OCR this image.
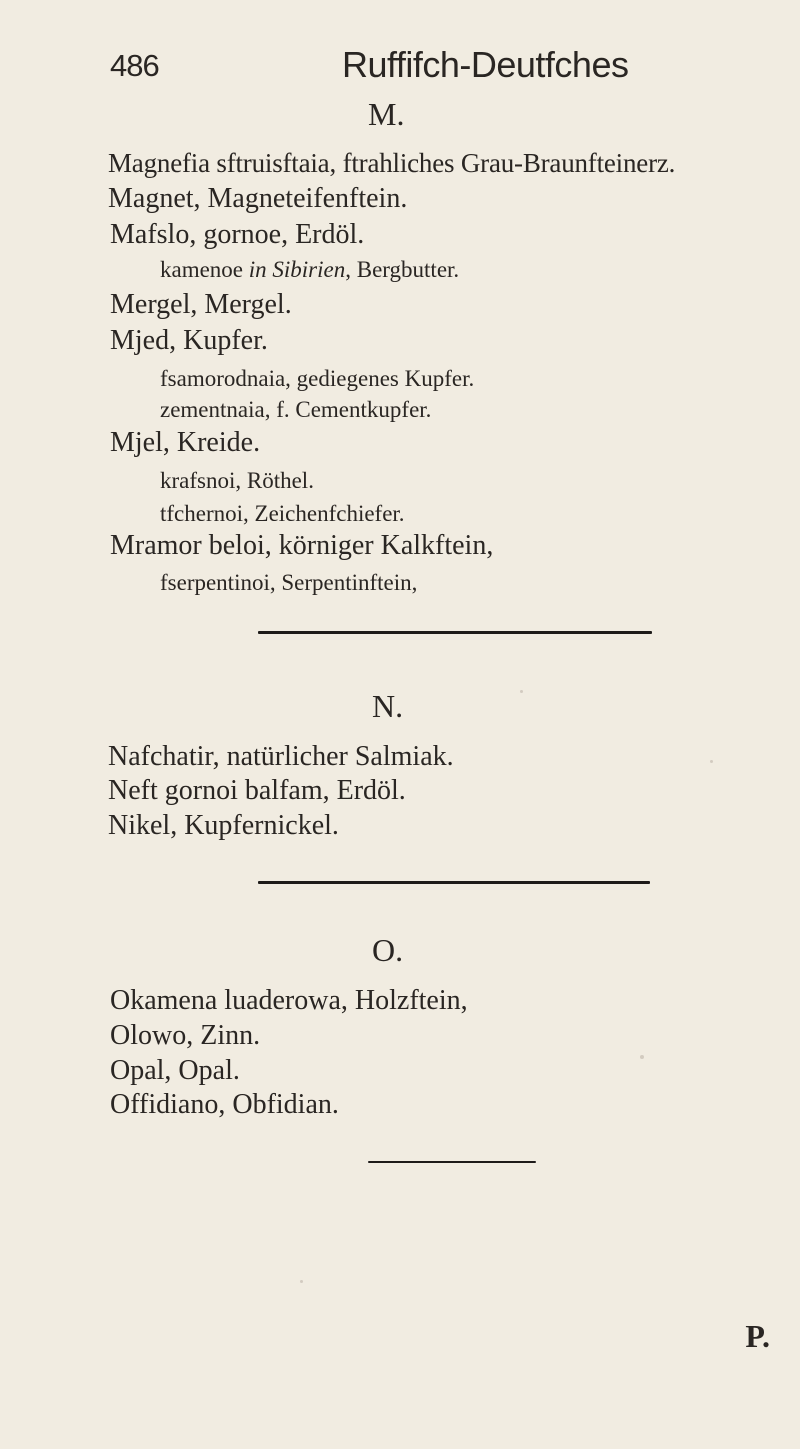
486	Ruffifch-Deutfches
M.
Magnefia sftruisftaia, ftrahliches Grau-Braunfteinerz.
Magnet, Magneteifenftein.
Mafslo, gornoe, Erdöl.
kamenoe in Sibirien, Bergbutter.
Mergel, Mergel.
Mjed, Kupfer.
fsamorodnaia, gediegenes Kupfer.
zementnaia, f. Cementkupfer.
Mjel, Kreide.
krafsnoi, Röthel.
tfchernoi, Zeichenfchiefer.
Mramor beloi, körniger Kalkftein,
fserpentinoi, Serpentinftein,
N.
Nafchatir, natürlicher Salmiak.
Neft gornoi balfam, Erdöl.
Nikel, Kupfernickel.
O.
Okamena luaderowa, Holzftein,
Olowo, Zinn.
Opal, Opal.
Offidiano, Obfidian.
P.
